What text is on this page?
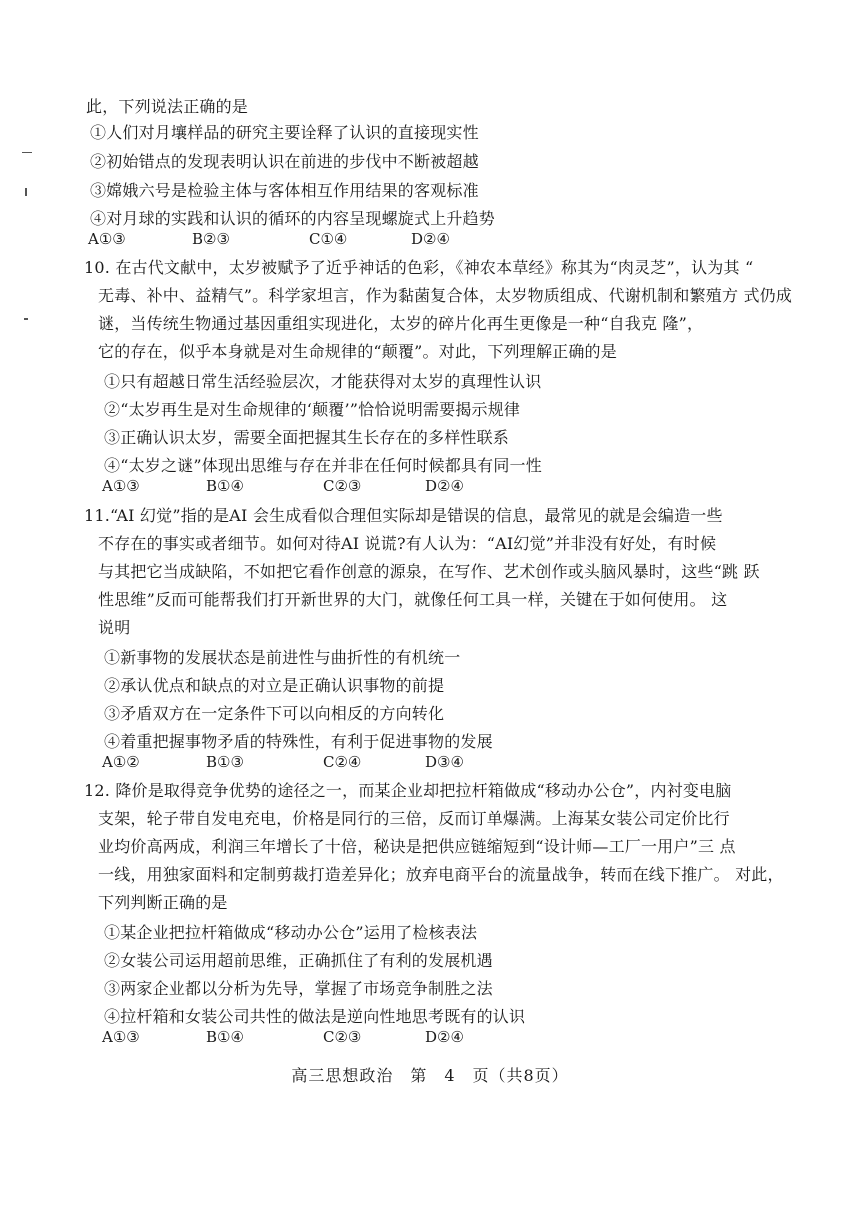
此，下列说法正确的是
①人们对月壤样品的研究主要诠释了认识的直接现实性
②初始错点的发现表明认识在前进的步伐中不断被超越
③嫦娥六号是检验主体与客体相互作用结果的客观标准
④对月球的实践和认识的循环的内容呈现螺旋式上升趋势
A①③	B②③	C①④	D②④
10. 在古代文献中，太岁被赋予了近乎神话的色彩，《神农本草经》称其为“肉灵芝”，认为其 “
无毒、补中、益精气”。科学家坦言，作为黏菌复合体，太岁物质组成、代谢机制和繁殖方 式仍成
谜，当传统生物通过基因重组实现进化，太岁的碎片化再生更像是一种“自我克 隆”，
它的存在，似乎本身就是对生命规律的“颠覆”。对此，下列理解正确的是
①只有超越日常生活经验层次，才能获得对太岁的真理性认识
②“太岁再生是对生命规律的‘颠覆’”恰恰说明需要揭示规律
③正确认识太岁，需要全面把握其生长存在的多样性联系
④“太岁之谜”体现出思维与存在并非在任何时候都具有同一性
A①③	B①④	C②③	D②④
11.“AI 幻觉”指的是AI 会生成看似合理但实际却是错误的信息，最常见的就是会编造一些
不存在的事实或者细节。如何对待AI 说谎?有人认为：“AI幻觉”并非没有好处，有时候
与其把它当成缺陷，不如把它看作创意的源泉，在写作、艺术创作或头脑风暴时，这些“跳 跃
性思维”反而可能帮我们打开新世界的大门，就像任何工具一样，关键在于如何使用。 这
说明
①新事物的发展状态是前进性与曲折性的有机统一
②承认优点和缺点的对立是正确认识事物的前提
③矛盾双方在一定条件下可以向相反的方向转化
④着重把握事物矛盾的特殊性，有利于促进事物的发展
A①②	B①③	C②④	D③④
12. 降价是取得竞争优势的途径之一，而某企业却把拉杆箱做成“移动办公仓”，内衬变电脑
支架，轮子带自发电充电，价格是同行的三倍，反而订单爆满。上海某女装公司定价比行
业均价高两成，利润三年增长了十倍，秘诀是把供应链缩短到“设计师—工厂一用户”三 点
一线，用独家面料和定制剪裁打造差异化；放弃电商平台的流量战争，转而在线下推广。 对此，
下列判断正确的是
①某企业把拉杆箱做成“移动办公仓”运用了检核表法
②女装公司运用超前思维，正确抓住了有利的发展机遇
③两家企业都以分析为先导，掌握了市场竞争制胜之法
④拉杆箱和女装公司共性的做法是逆向性地思考既有的认识
A①③	B①④	C②③	D②④
高三思想政治　第　4　页（共8页）
